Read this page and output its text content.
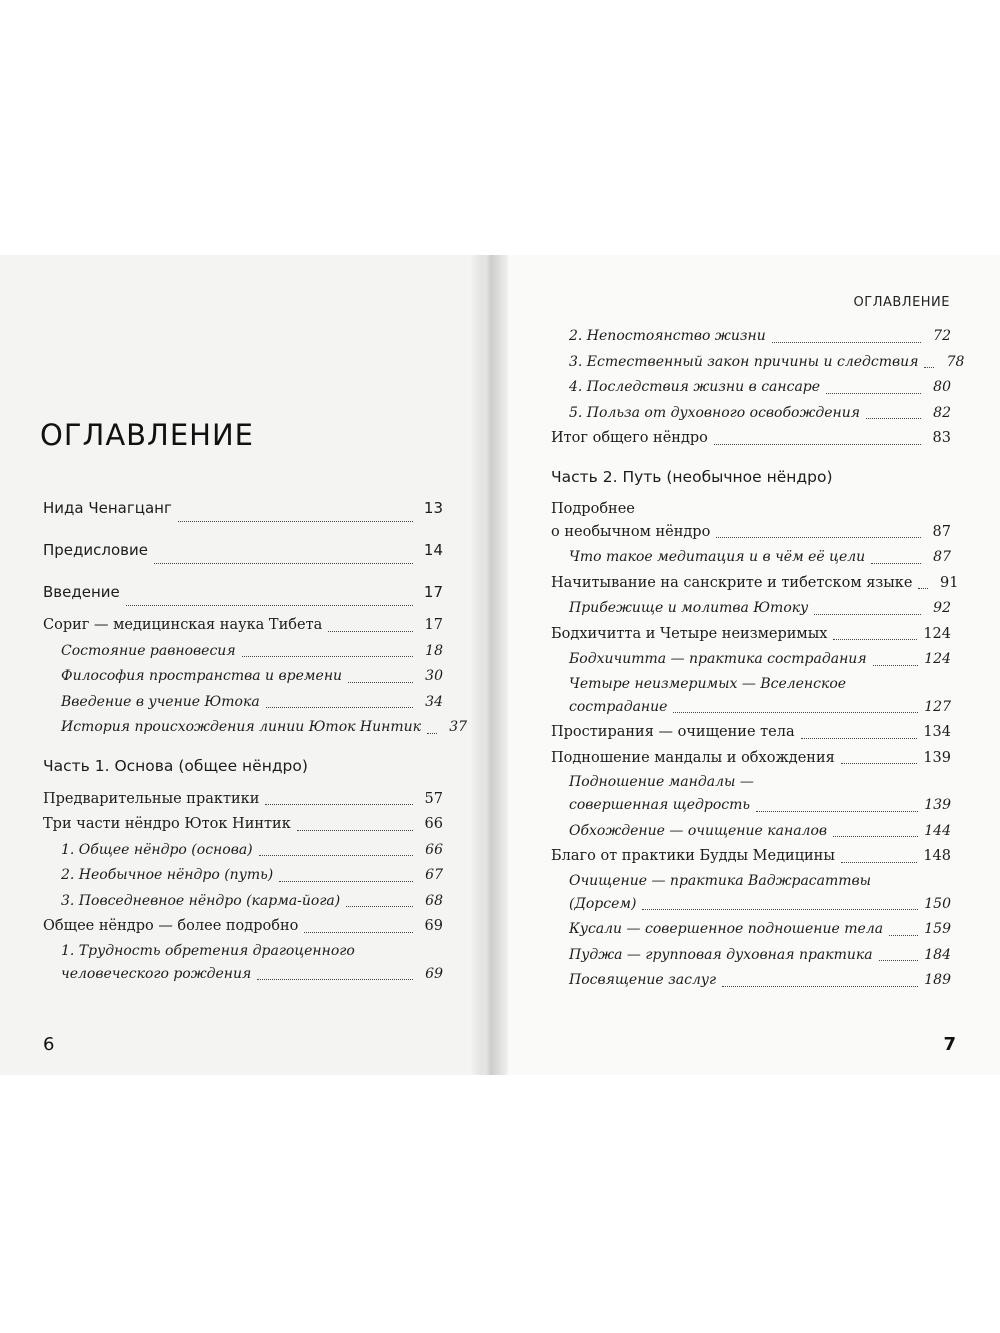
ОГЛАВЛЕНИЕ
Нида Ченагцанг	13
Предисловие	14
Введение	17
Сориг — медицинская наука Тибета	17
Состояние равновесия	18
Философия пространства и времени	30
Введение в учение Ютока	34
История происхождения линии Юток Нинтик	37
Часть 1. Основа (общее нёндро)
Предварительные практики	57
Три части нёндро Юток Нинтик	66
1. Общее нёндро (основа)	66
2. Необычное нёндро (путь)	67
3. Повседневное нёндро (карма-йога)	68
Общее нёндро — более подробно	69
1. Трудность обретения драгоценного
человеческого рождения	69
6
ОГЛАВЛЕНИЕ
7
2. Непостоянство жизни	72
3. Естественный закон причины и следствия	78
4. Последствия жизни в сансаре	80
5. Польза от духовного освобождения	82
Итог общего нёндро	83
Часть 2. Путь (необычное нёндро)
Подробнее
о необычном нёндро	87
Что такое медитация и в чём её цели	87
Начитывание на санскрите и тибетском языке	91
Прибежище и молитва Ютоку	92
Бодхичитта и Четыре неизмеримых	124
Бодхичитта — практика сострадания	124
Четыре неизмеримых — Вселенское
сострадание	127
Простирания — очищение тела	134
Подношение мандалы и обхождения	139
Подношение мандалы —
совершенная щедрость	139
Обхождение — очищение каналов	144
Благо от практики Будды Медицины	148
Очищение — практика Ваджрасаттвы
(Дорсем)	150
Кусали — совершенное подношение тела	159
Пуджа — групповая духовная практика	184
Посвящение заслуг	189
